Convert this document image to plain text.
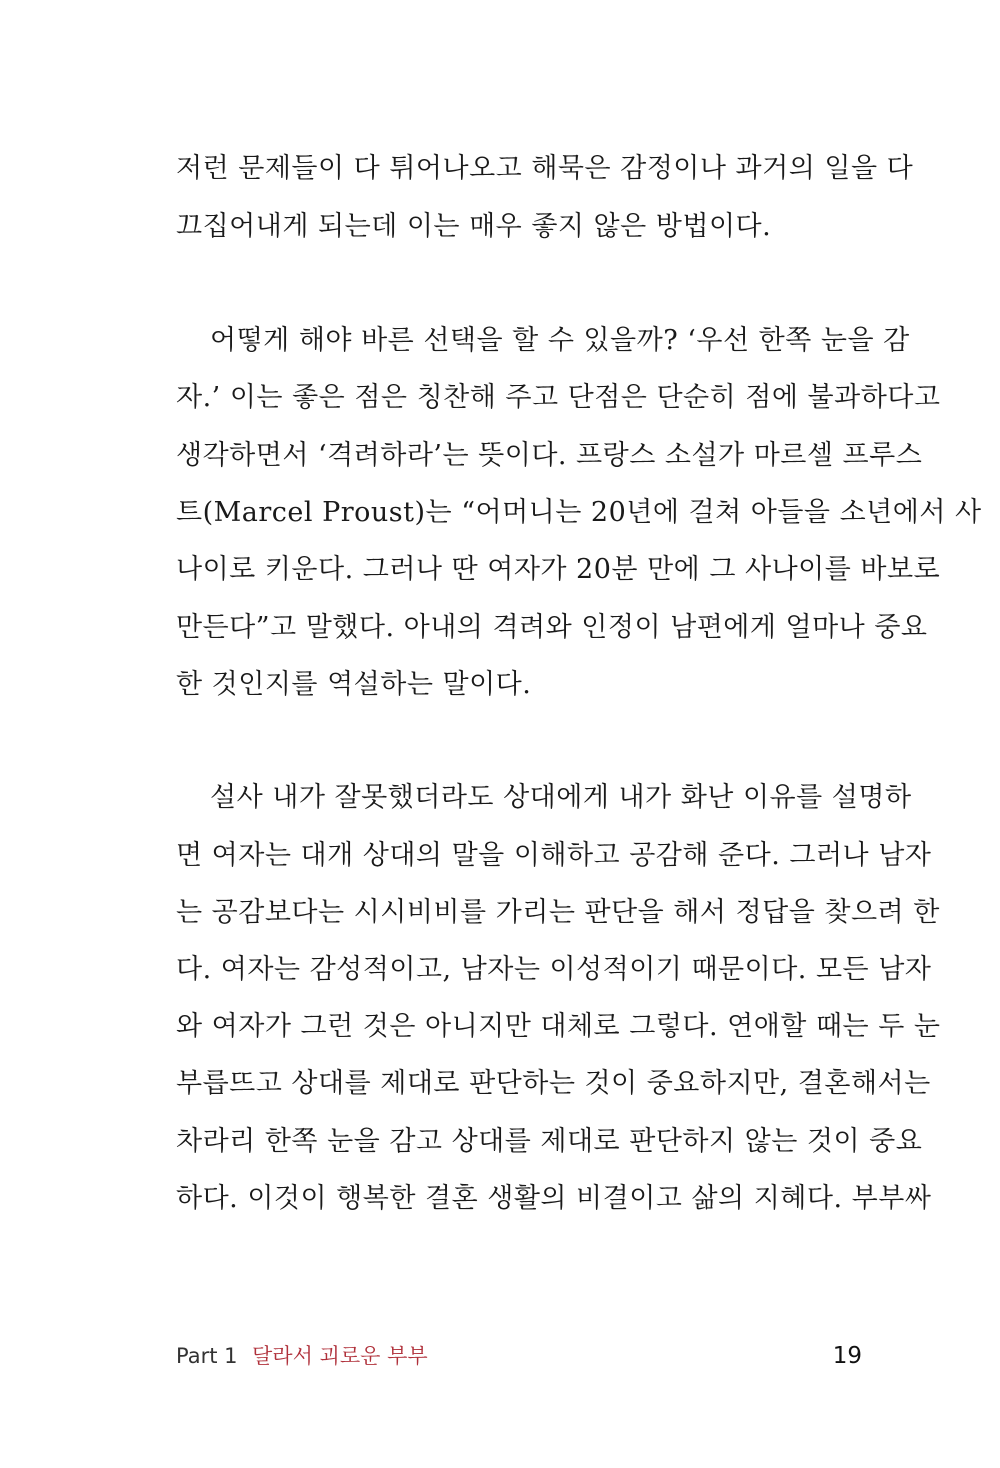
저런 문제들이 다 튀어나오고 해묵은 감정이나 과거의 일을 다
끄집어내게 되는데 이는 매우 좋지 않은 방법이다.
어떻게 해야 바른 선택을 할 수 있을까? ‘우선 한쪽 눈을 감
자.’ 이는 좋은 점은 칭찬해 주고 단점은 단순히 점에 불과하다고
생각하면서 ‘격려하라’는 뜻이다. 프랑스 소설가 마르셀 프루스
트(Marcel Proust)는 “어머니는 20년에 걸쳐 아들을 소년에서 사
나이로 키운다. 그러나 딴 여자가 20분 만에 그 사나이를 바보로
만든다”고 말했다. 아내의 격려와 인정이 남편에게 얼마나 중요
한 것인지를 역설하는 말이다.
설사 내가 잘못했더라도 상대에게 내가 화난 이유를 설명하
면 여자는 대개 상대의 말을 이해하고 공감해 준다. 그러나 남자
는 공감보다는 시시비비를 가리는 판단을 해서 정답을 찾으려 한
다. 여자는 감성적이고, 남자는 이성적이기 때문이다. 모든 남자
와 여자가 그런 것은 아니지만 대체로 그렇다. 연애할 때는 두 눈
부릅뜨고 상대를 제대로 판단하는 것이 중요하지만, 결혼해서는
차라리 한쪽 눈을 감고 상대를 제대로 판단하지 않는 것이 중요
하다. 이것이 행복한 결혼 생활의 비결이고 삶의 지혜다. 부부싸
Part 1 달라서 괴로운 부부	19
